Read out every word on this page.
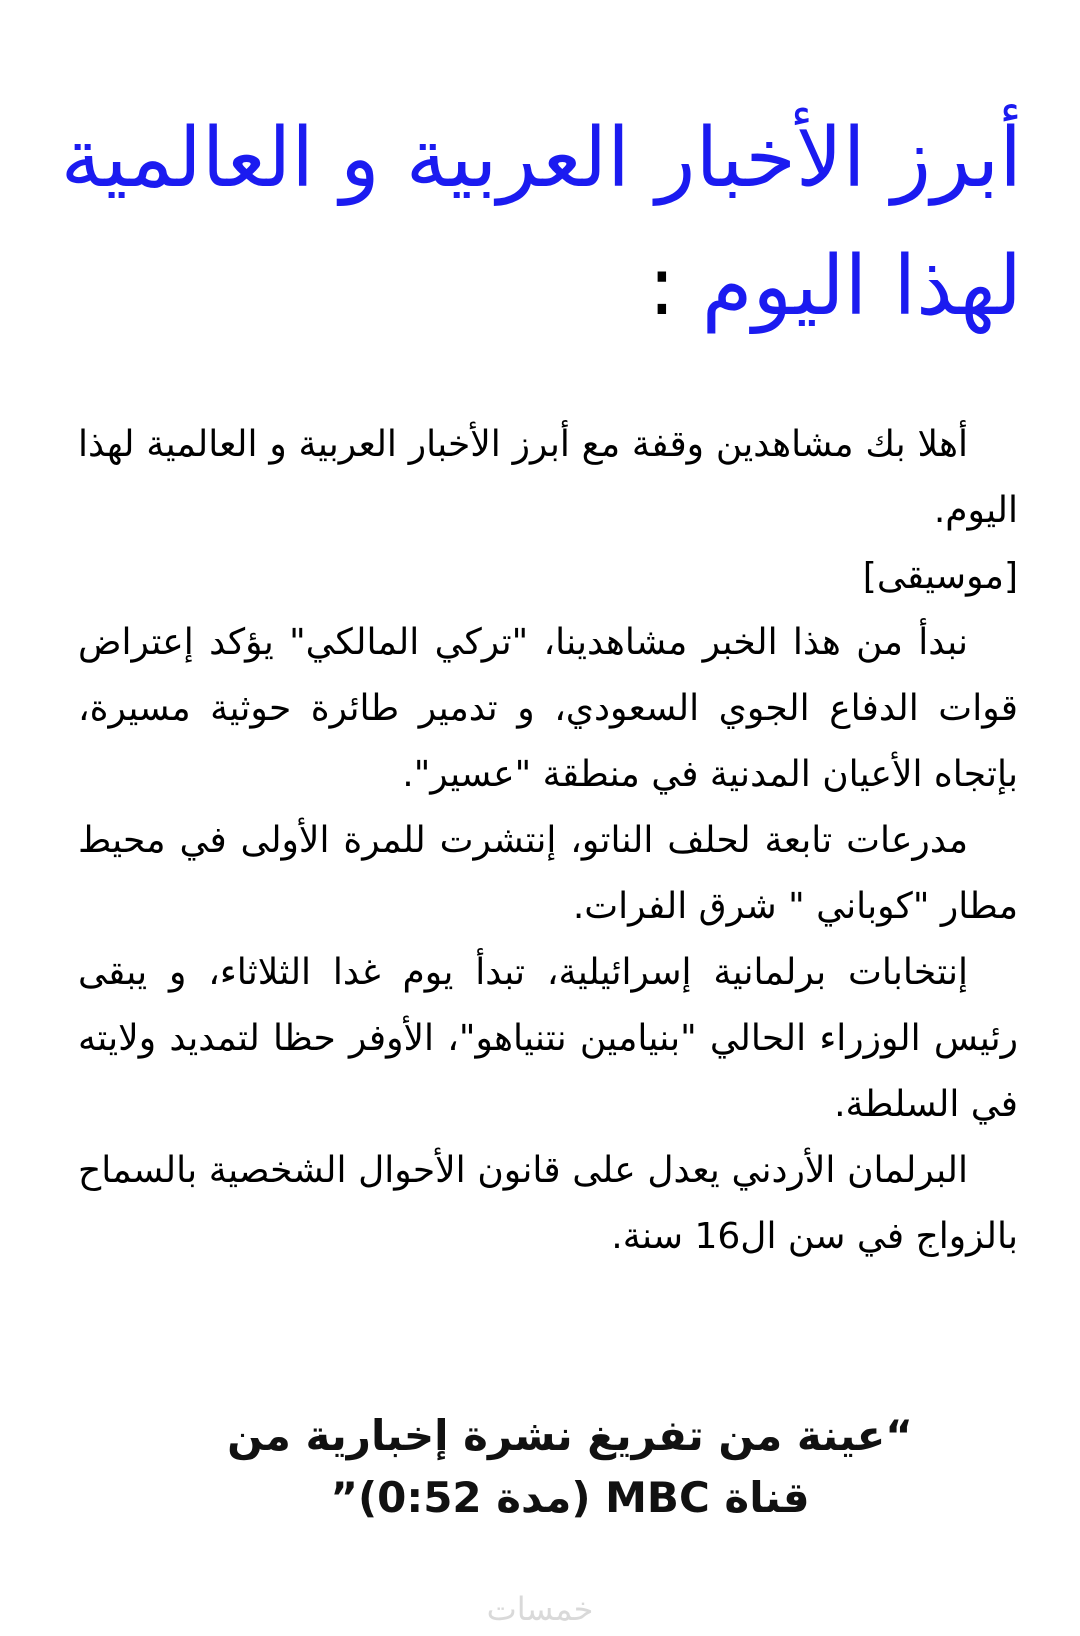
أبرز الأخبار العربية و العالمية لهذا اليوم :

أهلا بك مشاهدين وقفة مع أبرز الأخبار العربية و العالمية لهذا اليوم.

[موسيقى]

نبدأ من هذا الخبر مشاهدينا، "تركي المالكي" يؤكد إعتراض قوات الدفاع الجوي السعودي، و تدمير طائرة حوثية مسيرة، بإتجاه الأعيان المدنية في منطقة "عسير".

مدرعات تابعة لحلف الناتو، إنتشرت للمرة الأولى في محيط مطار "كوباني " شرق الفرات.

إنتخابات برلمانية إسرائيلية، تبدأ يوم غدا الثلاثاء، و يبقى رئيس الوزراء الحالي "بنيامين نتنياهو"، الأوفر حظا لتمديد ولايته في السلطة.

البرلمان الأردني يعدل على قانون الأحوال الشخصية بالسماح بالزواج في سن ال16 سنة.

“عينة من تفريغ نشرة إخبارية من قناة MBC (مدة 0:52)”
خمسات
